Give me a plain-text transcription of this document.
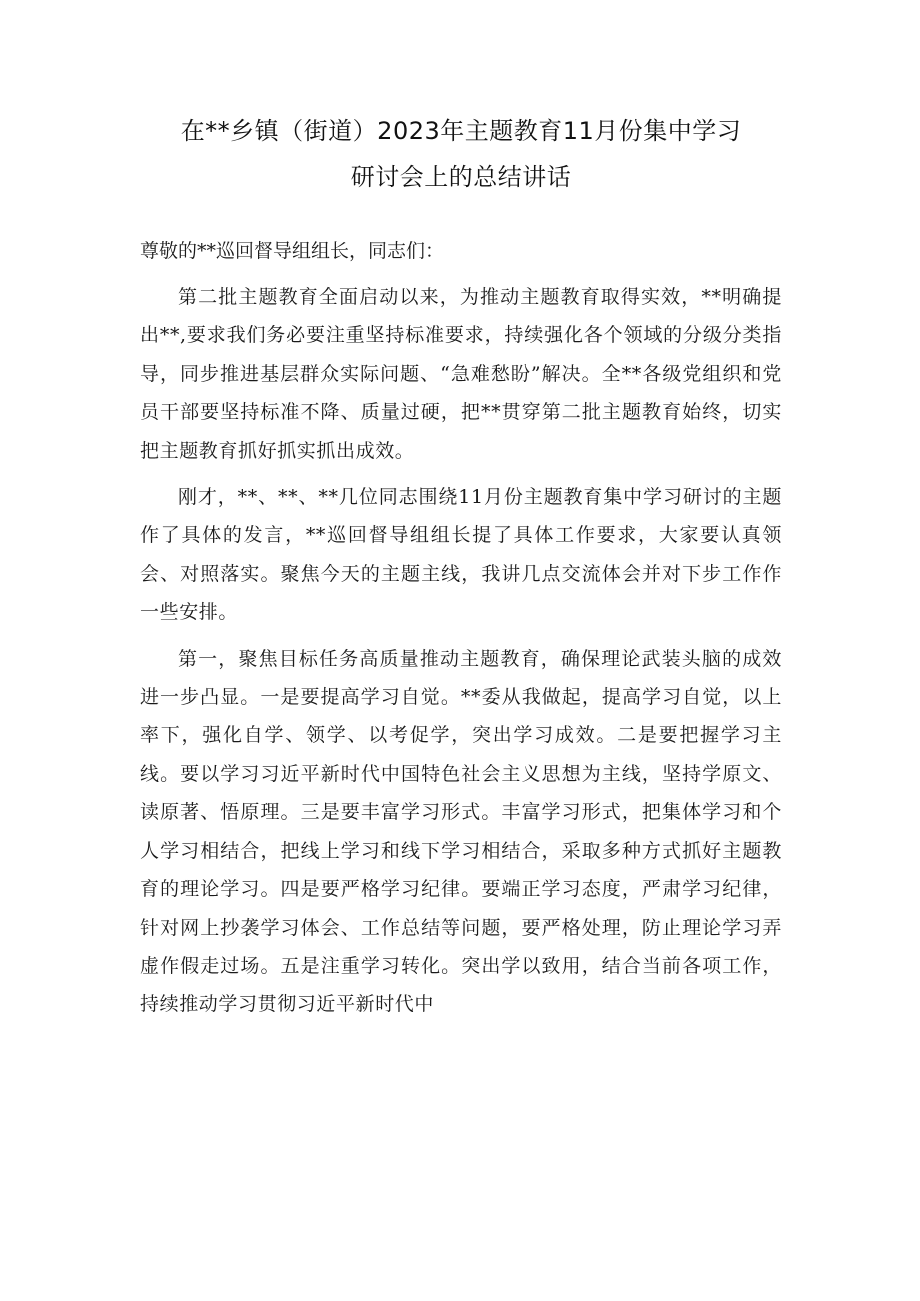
在**乡镇（街道）2023年主题教育11月份集中学习
研讨会上的总结讲话

尊敬的**巡回督导组组长，同志们：

第二批主题教育全面启动以来，为推动主题教育取得实效，**明确提出**,要求我们务必要注重坚持标准要求，持续强化各个领域的分级分类指导，同步推进基层群众实际问题、“急难愁盼”解决。全**各级党组织和党员干部要坚持标准不降、质量过硬，把**贯穿第二批主题教育始终，切实把主题教育抓好抓实抓出成效。

刚才，**、**、**几位同志围绕11月份主题教育集中学习研讨的主题作了具体的发言，**巡回督导组组长提了具体工作要求，大家要认真领会、对照落实。聚焦今天的主题主线，我讲几点交流体会并对下步工作作一些安排。

第一，聚焦目标任务高质量推动主题教育，确保理论武装头脑的成效进一步凸显。一是要提高学习自觉。**委从我做起，提高学习自觉，以上率下，强化自学、领学、以考促学，突出学习成效。二是要把握学习主线。要以学习习近平新时代中国特色社会主义思想为主线，坚持学原文、读原著、悟原理。三是要丰富学习形式。丰富学习形式，把集体学习和个人学习相结合，把线上学习和线下学习相结合，采取多种方式抓好主题教育的理论学习。四是要严格学习纪律。要端正学习态度，严肃学习纪律，针对网上抄袭学习体会、工作总结等问题，要严格处理，防止理论学习弄虚作假走过场。五是注重学习转化。突出学以致用，结合当前各项工作，持续推动学习贯彻习近平新时代中
